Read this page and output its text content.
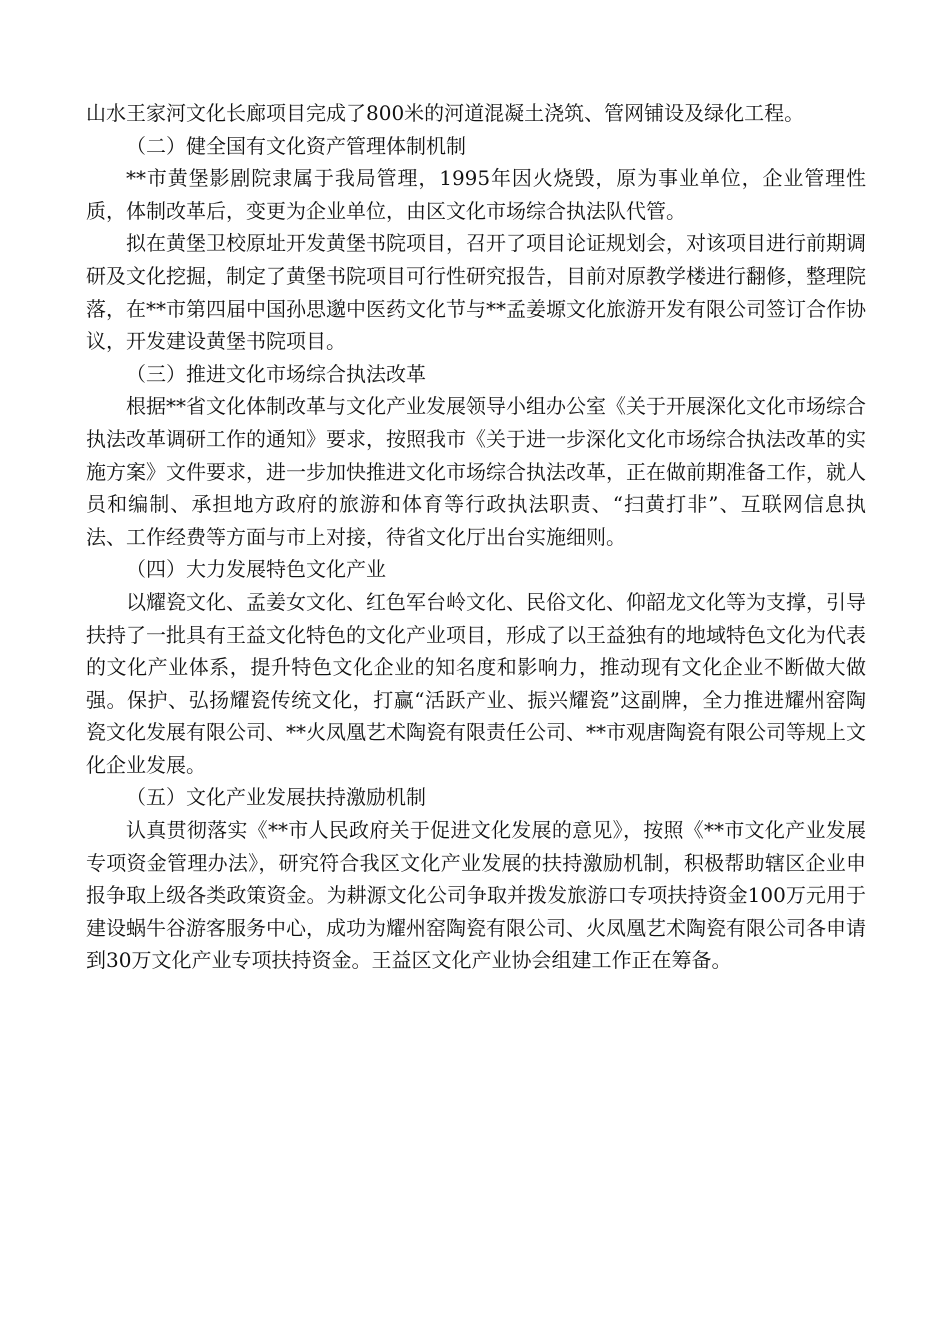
山水王家河文化长廊项目完成了800米的河道混凝土浇筑、管网铺设及绿化工程。

（二）健全国有文化资产管理体制机制

**市黄堡影剧院隶属于我局管理，1995年因火烧毁，原为事业单位，企业管理性质，体制改革后，变更为企业单位，由区文化市场综合执法队代管。

拟在黄堡卫校原址开发黄堡书院项目，召开了项目论证规划会，对该项目进行前期调研及文化挖掘，制定了黄堡书院项目可行性研究报告，目前对原教学楼进行翻修，整理院落，在**市第四届中国孙思邈中医药文化节与**孟姜塬文化旅游开发有限公司签订合作协议，开发建设黄堡书院项目。

（三）推进文化市场综合执法改革

根据**省文化体制改革与文化产业发展领导小组办公室《关于开展深化文化市场综合执法改革调研工作的通知》要求，按照我市《关于进一步深化文化市场综合执法改革的实施方案》文件要求，进一步加快推进文化市场综合执法改革，正在做前期准备工作，就人员和编制、承担地方政府的旅游和体育等行政执法职责、“扫黄打非”、互联网信息执法、工作经费等方面与市上对接，待省文化厅出台实施细则。

（四）大力发展特色文化产业

以耀瓷文化、孟姜女文化、红色军台岭文化、民俗文化、仰韶龙文化等为支撑，引导扶持了一批具有王益文化特色的文化产业项目，形成了以王益独有的地域特色文化为代表的文化产业体系，提升特色文化企业的知名度和影响力，推动现有文化企业不断做大做强。保护、弘扬耀瓷传统文化，打赢“活跃产业、振兴耀瓷”这副牌，全力推进耀州窑陶瓷文化发展有限公司、**火凤凰艺术陶瓷有限责任公司、**市观唐陶瓷有限公司等规上文化企业发展。

（五）文化产业发展扶持激励机制

认真贯彻落实《**市人民政府关于促进文化发展的意见》，按照《**市文化产业发展专项资金管理办法》，研究符合我区文化产业发展的扶持激励机制，积极帮助辖区企业申报争取上级各类政策资金。为耕源文化公司争取并拨发旅游口专项扶持资金100万元用于建设蜗牛谷游客服务中心，成功为耀州窑陶瓷有限公司、火凤凰艺术陶瓷有限公司各申请到30万文化产业专项扶持资金。王益区文化产业协会组建工作正在筹备。
